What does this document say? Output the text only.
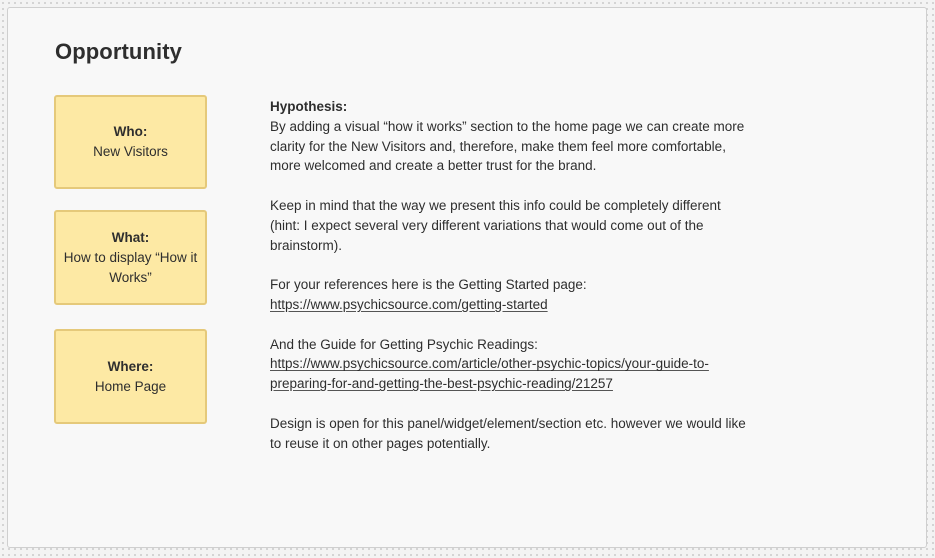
Opportunity
Who:
New Visitors
What:
How to display “How it Works”
Where:
Home Page

Hypothesis:
By adding a visual “how it works” section to the home page we can create more clarity for the New Visitors and, therefore, make them feel more comfortable, more welcomed and create a better trust for the brand.

Keep in mind that the way we present this info could be completely different (hint: I expect several very different variations that would come out of the brainstorm).

For your references here is the Getting Started page:
https://www.psychicsource.com/getting-started

And the Guide for Getting Psychic Readings:
https://www.psychicsource.com/article/other-psychic-topics/your-guide-to-
preparing-for-and-getting-the-best-psychic-reading/21257

Design is open for this panel/widget/element/section etc. however we would like to reuse it on other pages potentially.
